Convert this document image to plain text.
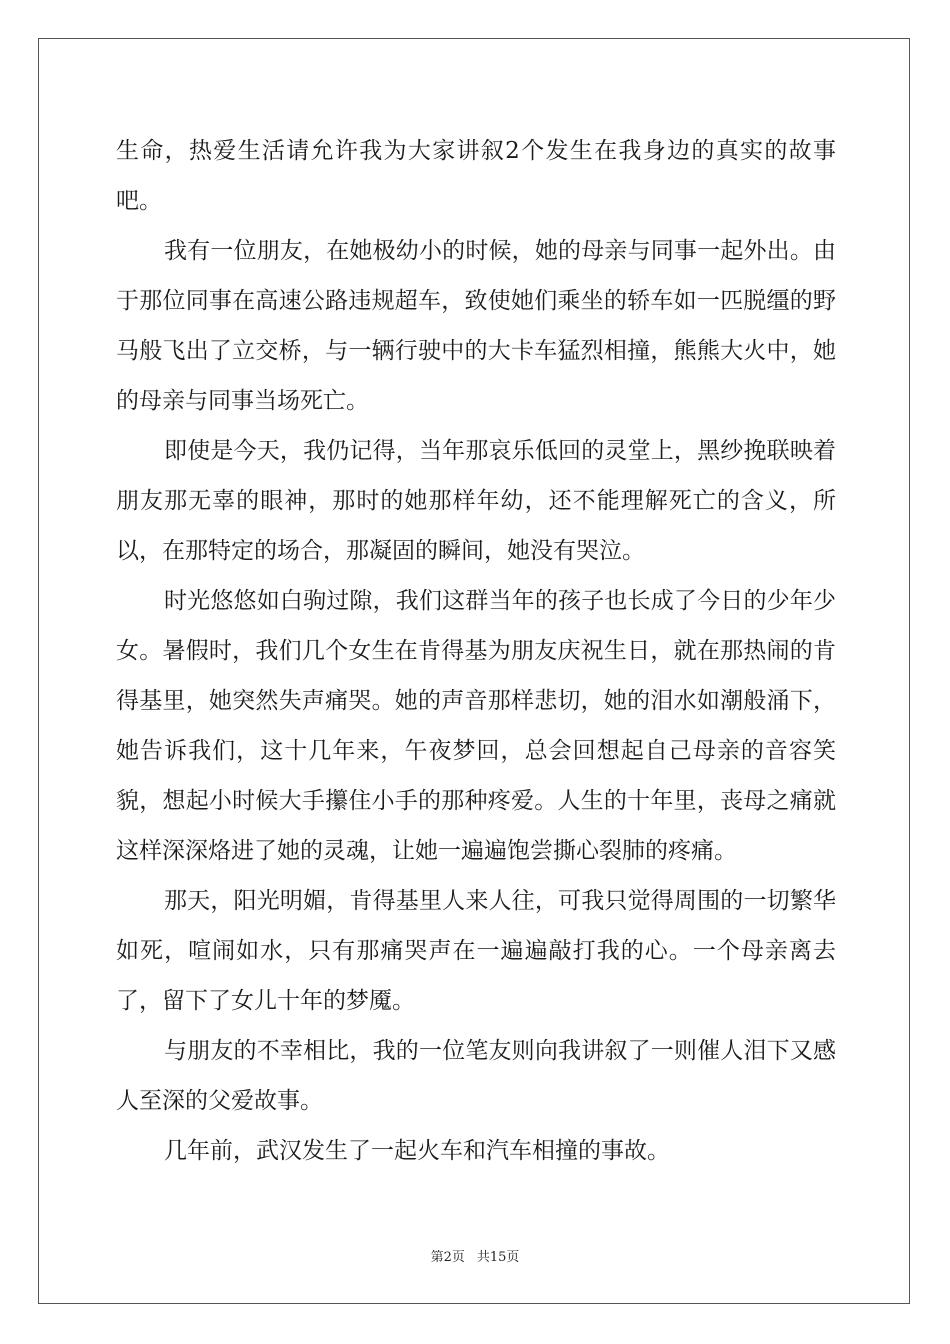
生命，热爱生活请允许我为大家讲叙2个发生在我身边的真实的故事吧。

我有一位朋友，在她极幼小的时候，她的母亲与同事一起外出。由于那位同事在高速公路违规超车，致使她们乘坐的轿车如一匹脱缰的野马般飞出了立交桥，与一辆行驶中的大卡车猛烈相撞，熊熊大火中，她的母亲与同事当场死亡。

即使是今天，我仍记得，当年那哀乐低回的灵堂上，黑纱挽联映着朋友那无辜的眼神，那时的她那样年幼，还不能理解死亡的含义，所以，在那特定的场合，那凝固的瞬间，她没有哭泣。

时光悠悠如白驹过隙，我们这群当年的孩子也长成了今日的少年少女。暑假时，我们几个女生在肯得基为朋友庆祝生日，就在那热闹的肯得基里，她突然失声痛哭。她的声音那样悲切，她的泪水如潮般涌下，她告诉我们，这十几年来，午夜梦回，总会回想起自己母亲的音容笑貌，想起小时候大手攥住小手的那种疼爱。人生的十年里，丧母之痛就这样深深烙进了她的灵魂，让她一遍遍饱尝撕心裂肺的疼痛。

那天，阳光明媚，肯得基里人来人往，可我只觉得周围的一切繁华如死，喧闹如水，只有那痛哭声在一遍遍敲打我的心。一个母亲离去了，留下了女儿十年的梦魇。

与朋友的不幸相比，我的一位笔友则向我讲叙了一则催人泪下又感人至深的父爱故事。

几年前，武汉发生了一起火车和汽车相撞的事故。

第2页 共15页
